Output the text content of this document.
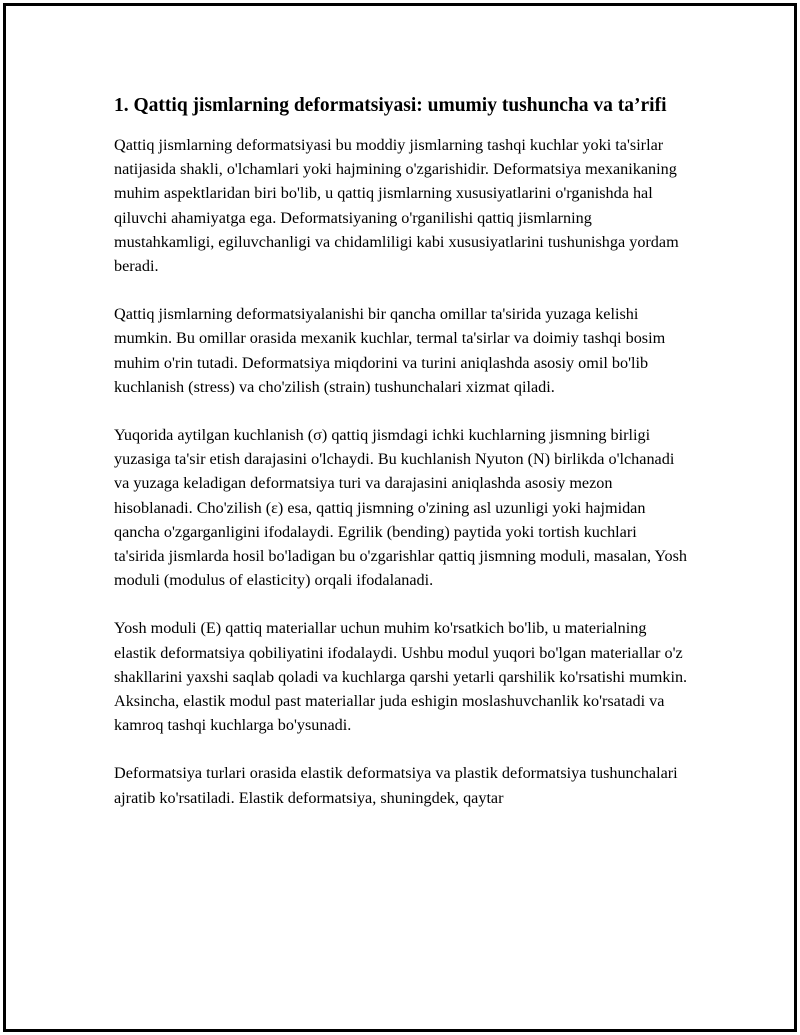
1. Qattiq jismlarning deformatsiyasi: umumiy tushuncha va ta’rifi

Qattiq jismlarning deformatsiyasi bu moddiy jismlarning tashqi kuchlar yoki ta'sirlar natijasida shakli, o'lchamlari yoki hajmining o'zgarishidir. Deformatsiya mexanikaning muhim aspektlaridan biri bo'lib, u qattiq jismlarning xususiyatlarini o'rganishda hal qiluvchi ahamiyatga ega. Deformatsiyaning o'rganilishi qattiq jismlarning mustahkamligi, egiluvchanligi va chidamliligi kabi xususiyatlarini tushunishga yordam beradi.

Qattiq jismlarning deformatsiyalanishi bir qancha omillar ta'sirida yuzaga kelishi mumkin. Bu omillar orasida mexanik kuchlar, termal ta'sirlar va doimiy tashqi bosim muhim o'rin tutadi. Deformatsiya miqdorini va turini aniqlashda asosiy omil bo'lib kuchlanish (stress) va cho'zilish (strain) tushunchalari xizmat qiladi.

Yuqorida aytilgan kuchlanish (σ) qattiq jismdagi ichki kuchlarning jismning birligi yuzasiga ta'sir etish darajasini o'lchaydi. Bu kuchlanish Nyuton (N) birlikda o'lchanadi va yuzaga keladigan deformatsiya turi va darajasini aniqlashda asosiy mezon hisoblanadi. Cho'zilish (ε) esa, qattiq jismning o'zining asl uzunligi yoki hajmidan qancha o'zgarganligini ifodalaydi. Egrilik (bending) paytida yoki tortish kuchlari ta'sirida jismlarda hosil bo'ladigan bu o'zgarishlar qattiq jismning moduli, masalan, Yosh moduli (modulus of elasticity) orqali ifodalanadi.

Yosh moduli (E) qattiq materiallar uchun muhim ko'rsatkich bo'lib, u materialning elastik deformatsiya qobiliyatini ifodalaydi. Ushbu modul yuqori bo'lgan materiallar o'z shakllarini yaxshi saqlab qoladi va kuchlarga qarshi yetarli qarshilik ko'rsatishi mumkin. Aksincha, elastik modul past materiallar juda eshigin moslashuvchanlik ko'rsatadi va kamroq tashqi kuchlarga bo'ysunadi.

Deformatsiya turlari orasida elastik deformatsiya va plastik deformatsiya tushunchalari ajratib ko'rsatiladi. Elastik deformatsiya, shuningdek, qaytar
